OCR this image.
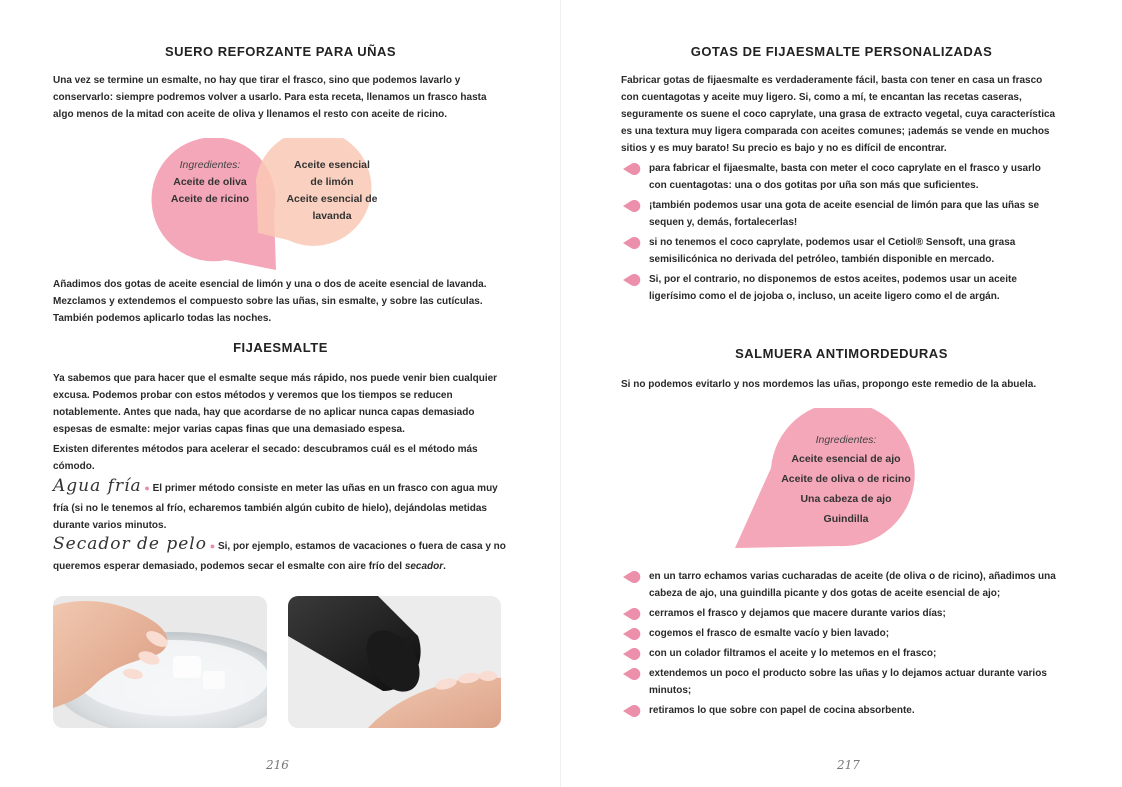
SUERO REFORZANTE PARA UÑAS
Una vez se termine un esmalte, no hay que tirar el frasco, sino que podemos lavarlo y
conservarlo: siempre podremos volver a usarlo. Para esta receta, llenamos un frasco hasta
algo menos de la mitad con aceite de oliva y llenamos el resto con aceite de ricino.
Ingredientes:
Aceite de oliva
Aceite de ricino
Aceite esencial
de limón
Aceite esencial de
lavanda
Añadimos dos gotas de aceite esencial de limón y una o dos de aceite esencial de lavanda.
Mezclamos y extendemos el compuesto sobre las uñas, sin esmalte, y sobre las cutículas.
También podemos aplicarlo todas las noches.
FIJAESMALTE
Ya sabemos que para hacer que el esmalte seque más rápido, nos puede venir bien cualquier
excusa. Podemos probar con estos métodos y veremos que los tiempos se reducen
notablemente. Antes que nada, hay que acordarse de no aplicar nunca capas demasiado
espesas de esmalte: mejor varias capas finas que una demasiado espesa.
Existen diferentes métodos para acelerar el secado: descubramos cuál es el método más
cómodo.
Agua fría ● El primer método consiste en meter las uñas en un frasco con agua muy
fría (si no le tenemos al frío, echaremos también algún cubito de hielo), dejándolas metidas
durante varios minutos.
Secador de pelo ● Si, por ejemplo, estamos de vacaciones o fuera de casa y no
queremos esperar demasiado, podemos secar el esmalte con aire frío del secador.
216
GOTAS DE FIJAESMALTE PERSONALIZADAS
Fabricar gotas de fijaesmalte es verdaderamente fácil, basta con tener en casa un frasco
con cuentagotas y aceite muy ligero. Si, como a mí, te encantan las recetas caseras,
seguramente os suene el coco caprylate, una grasa de extracto vegetal, cuya característica
es una textura muy ligera comparada con aceites comunes; ¡además se vende en muchos
sitios y es muy barato! Su precio es bajo y no es difícil de encontrar.
para fabricar el fijaesmalte, basta con meter el coco caprylate en el frasco y usarlo
con cuentagotas: una o dos gotitas por uña son más que suficientes.
¡también podemos usar una gota de aceite esencial de limón para que las uñas se
sequen y, demás, fortalecerlas!
si no tenemos el coco caprylate, podemos usar el Cetiol® Sensoft, una grasa
semisilicónica no derivada del petróleo, también disponible en mercado.
Si, por el contrario, no disponemos de estos aceites, podemos usar un aceite
ligerísimo como el de jojoba o, incluso, un aceite ligero como el de argán.
SALMUERA ANTIMORDEDURAS
Si no podemos evitarlo y nos mordemos las uñas, propongo este remedio de la abuela.
Ingredientes:
Aceite esencial de ajo
Aceite de oliva o de ricino
Una cabeza de ajo
Guindilla
en un tarro echamos varias cucharadas de aceite (de oliva o de ricino), añadimos una
cabeza de ajo, una guindilla picante y dos gotas de aceite esencial de ajo;
cerramos el frasco y dejamos que macere durante varios días;
cogemos el frasco de esmalte vacío y bien lavado;
con un colador filtramos el aceite y lo metemos en el frasco;
extendemos un poco el producto sobre las uñas y lo dejamos actuar durante varios
minutos;
retiramos lo que sobre con papel de cocina absorbente.
217
